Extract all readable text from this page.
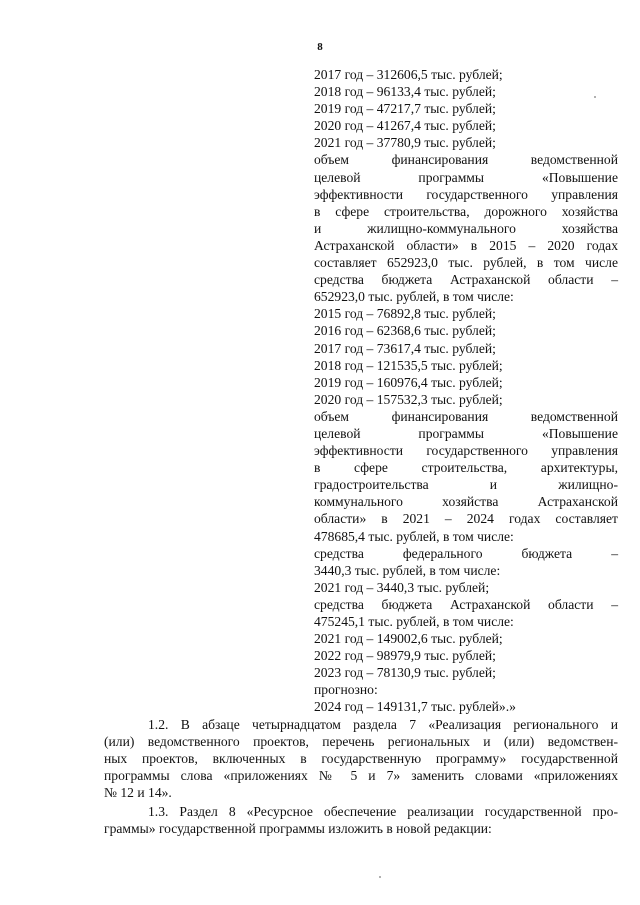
8
2017 год – 312606,5 тыс. рублей;
2018 год – 96133,4 тыс. рублей;
2019 год – 47217,7 тыс. рублей;
2020 год – 41267,4 тыс. рублей;
2021 год – 37780,9 тыс. рублей;
объем финансирования ведомственной
целевой программы «Повышение
эффективности государственного управления
в сфере строительства, дорожного хозяйства
и жилищно-коммунального хозяйства
Астраханской области» в 2015 – 2020 годах
составляет 652923,0 тыс. рублей, в том числе
средства бюджета Астраханской области –
652923,0 тыс. рублей, в том числе:
2015 год – 76892,8 тыс. рублей;
2016 год – 62368,6 тыс. рублей;
2017 год – 73617,4 тыс. рублей;
2018 год – 121535,5 тыс. рублей;
2019 год – 160976,4 тыс. рублей;
2020 год – 157532,3 тыс. рублей;
объем финансирования ведомственной
целевой программы «Повышение
эффективности государственного управления
в сфере строительства, архитектуры,
градостроительства и жилищно-
коммунального хозяйства Астраханской
области» в 2021 – 2024 годах составляет
478685,4 тыс. рублей, в том числе:
средства федерального бюджета –
3440,3 тыс. рублей, в том числе:
2021 год – 3440,3 тыс. рублей;
средства бюджета Астраханской области –
475245,1 тыс. рублей, в том числе:
2021 год – 149002,6 тыс. рублей;
2022 год – 98979,9 тыс. рублей;
2023 год – 78130,9 тыс. рублей;
прогнозно:
2024 год – 149131,7 тыс. рублей».»
1.2. В абзаце четырнадцатом раздела 7 «Реализация регионального и
(или) ведомственного проектов, перечень региональных и (или) ведомствен-
ных проектов, включенных в государственную программу» государственной
программы слова «приложениях № 5 и 7» заменить словами «приложениях
№ 12 и 14».
1.3. Раздел 8 «Ресурсное обеспечение реализации государственной про-
граммы» государственной программы изложить в новой редакции:
